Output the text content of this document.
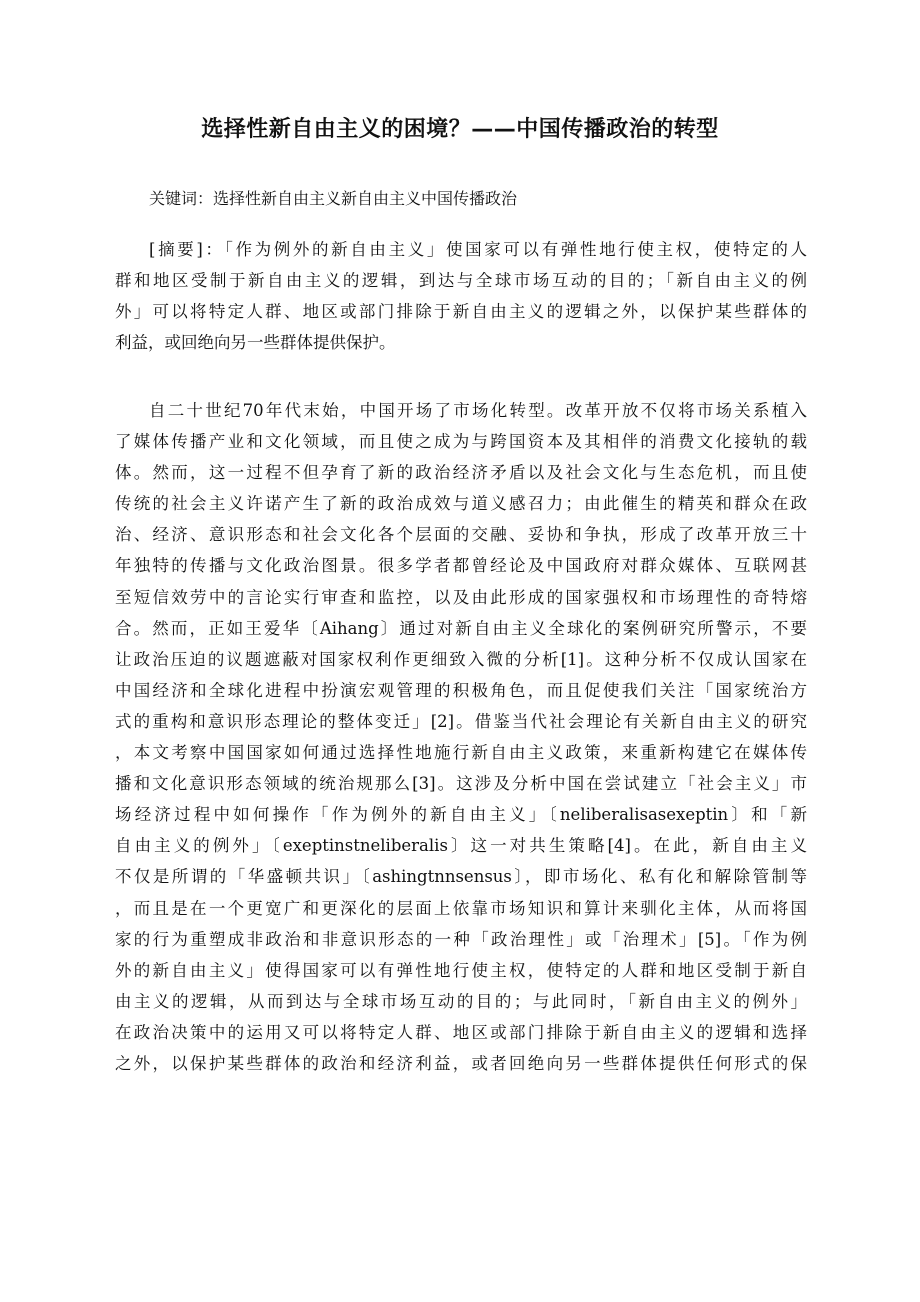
选择性新自由主义的困境？——中国传播政治的转型
关键词：选择性新自由主义新自由主义中国传播政治
[摘要]：「作为例外的新自由主义」使国家可以有弹性地行使主权，使特定的人
群和地区受制于新自由主义的逻辑，到达与全球市场互动的目的；「新自由主义的例
外」可以将特定人群、地区或部门排除于新自由主义的逻辑之外，以保护某些群体的
利益，或回绝向另一些群体提供保护。
自二十世纪70年代末始，中国开场了市场化转型。改革开放不仅将市场关系植入
了媒体传播产业和文化领域，而且使之成为与跨国资本及其相伴的消费文化接轨的载
体。然而，这一过程不但孕育了新的政治经济矛盾以及社会文化与生态危机，而且使
传统的社会主义许诺产生了新的政治成效与道义感召力；由此催生的精英和群众在政
治、经济、意识形态和社会文化各个层面的交融、妥协和争执，形成了改革开放三十
年独特的传播与文化政治图景。很多学者都曾经论及中国政府对群众媒体、互联网甚
至短信效劳中的言论实行审查和监控，以及由此形成的国家强权和市场理性的奇特熔
合。然而，正如王爱华〔Aihang〕通过对新自由主义全球化的案例研究所警示，不要
让政治压迫的议题遮蔽对国家权利作更细致入微的分析[1]。这种分析不仅成认国家在
中国经济和全球化进程中扮演宏观管理的积极角色，而且促使我们关注「国家统治方
式的重构和意识形态理论的整体变迁」[2]。借鉴当代社会理论有关新自由主义的研究
，本文考察中国国家如何通过选择性地施行新自由主义政策，来重新构建它在媒体传
播和文化意识形态领域的统治规那么[3]。这涉及分析中国在尝试建立「社会主义」市
场经济过程中如何操作「作为例外的新自由主义」〔neliberalisasexeptin〕和「新
自由主义的例外」〔exeptinstneliberalis〕这一对共生策略[4]。在此，新自由主义
不仅是所谓的「华盛顿共识」〔ashingtnnsensus〕，即市场化、私有化和解除管制等
，而且是在一个更宽广和更深化的层面上依靠市场知识和算计来驯化主体，从而将国
家的行为重塑成非政治和非意识形态的一种「政治理性」或「治理术」[5]。「作为例
外的新自由主义」使得国家可以有弹性地行使主权，使特定的人群和地区受制于新自
由主义的逻辑，从而到达与全球市场互动的目的；与此同时，「新自由主义的例外」
在政治决策中的运用又可以将特定人群、地区或部门排除于新自由主义的逻辑和选择
之外，以保护某些群体的政治和经济利益，或者回绝向另一些群体提供任何形式的保
